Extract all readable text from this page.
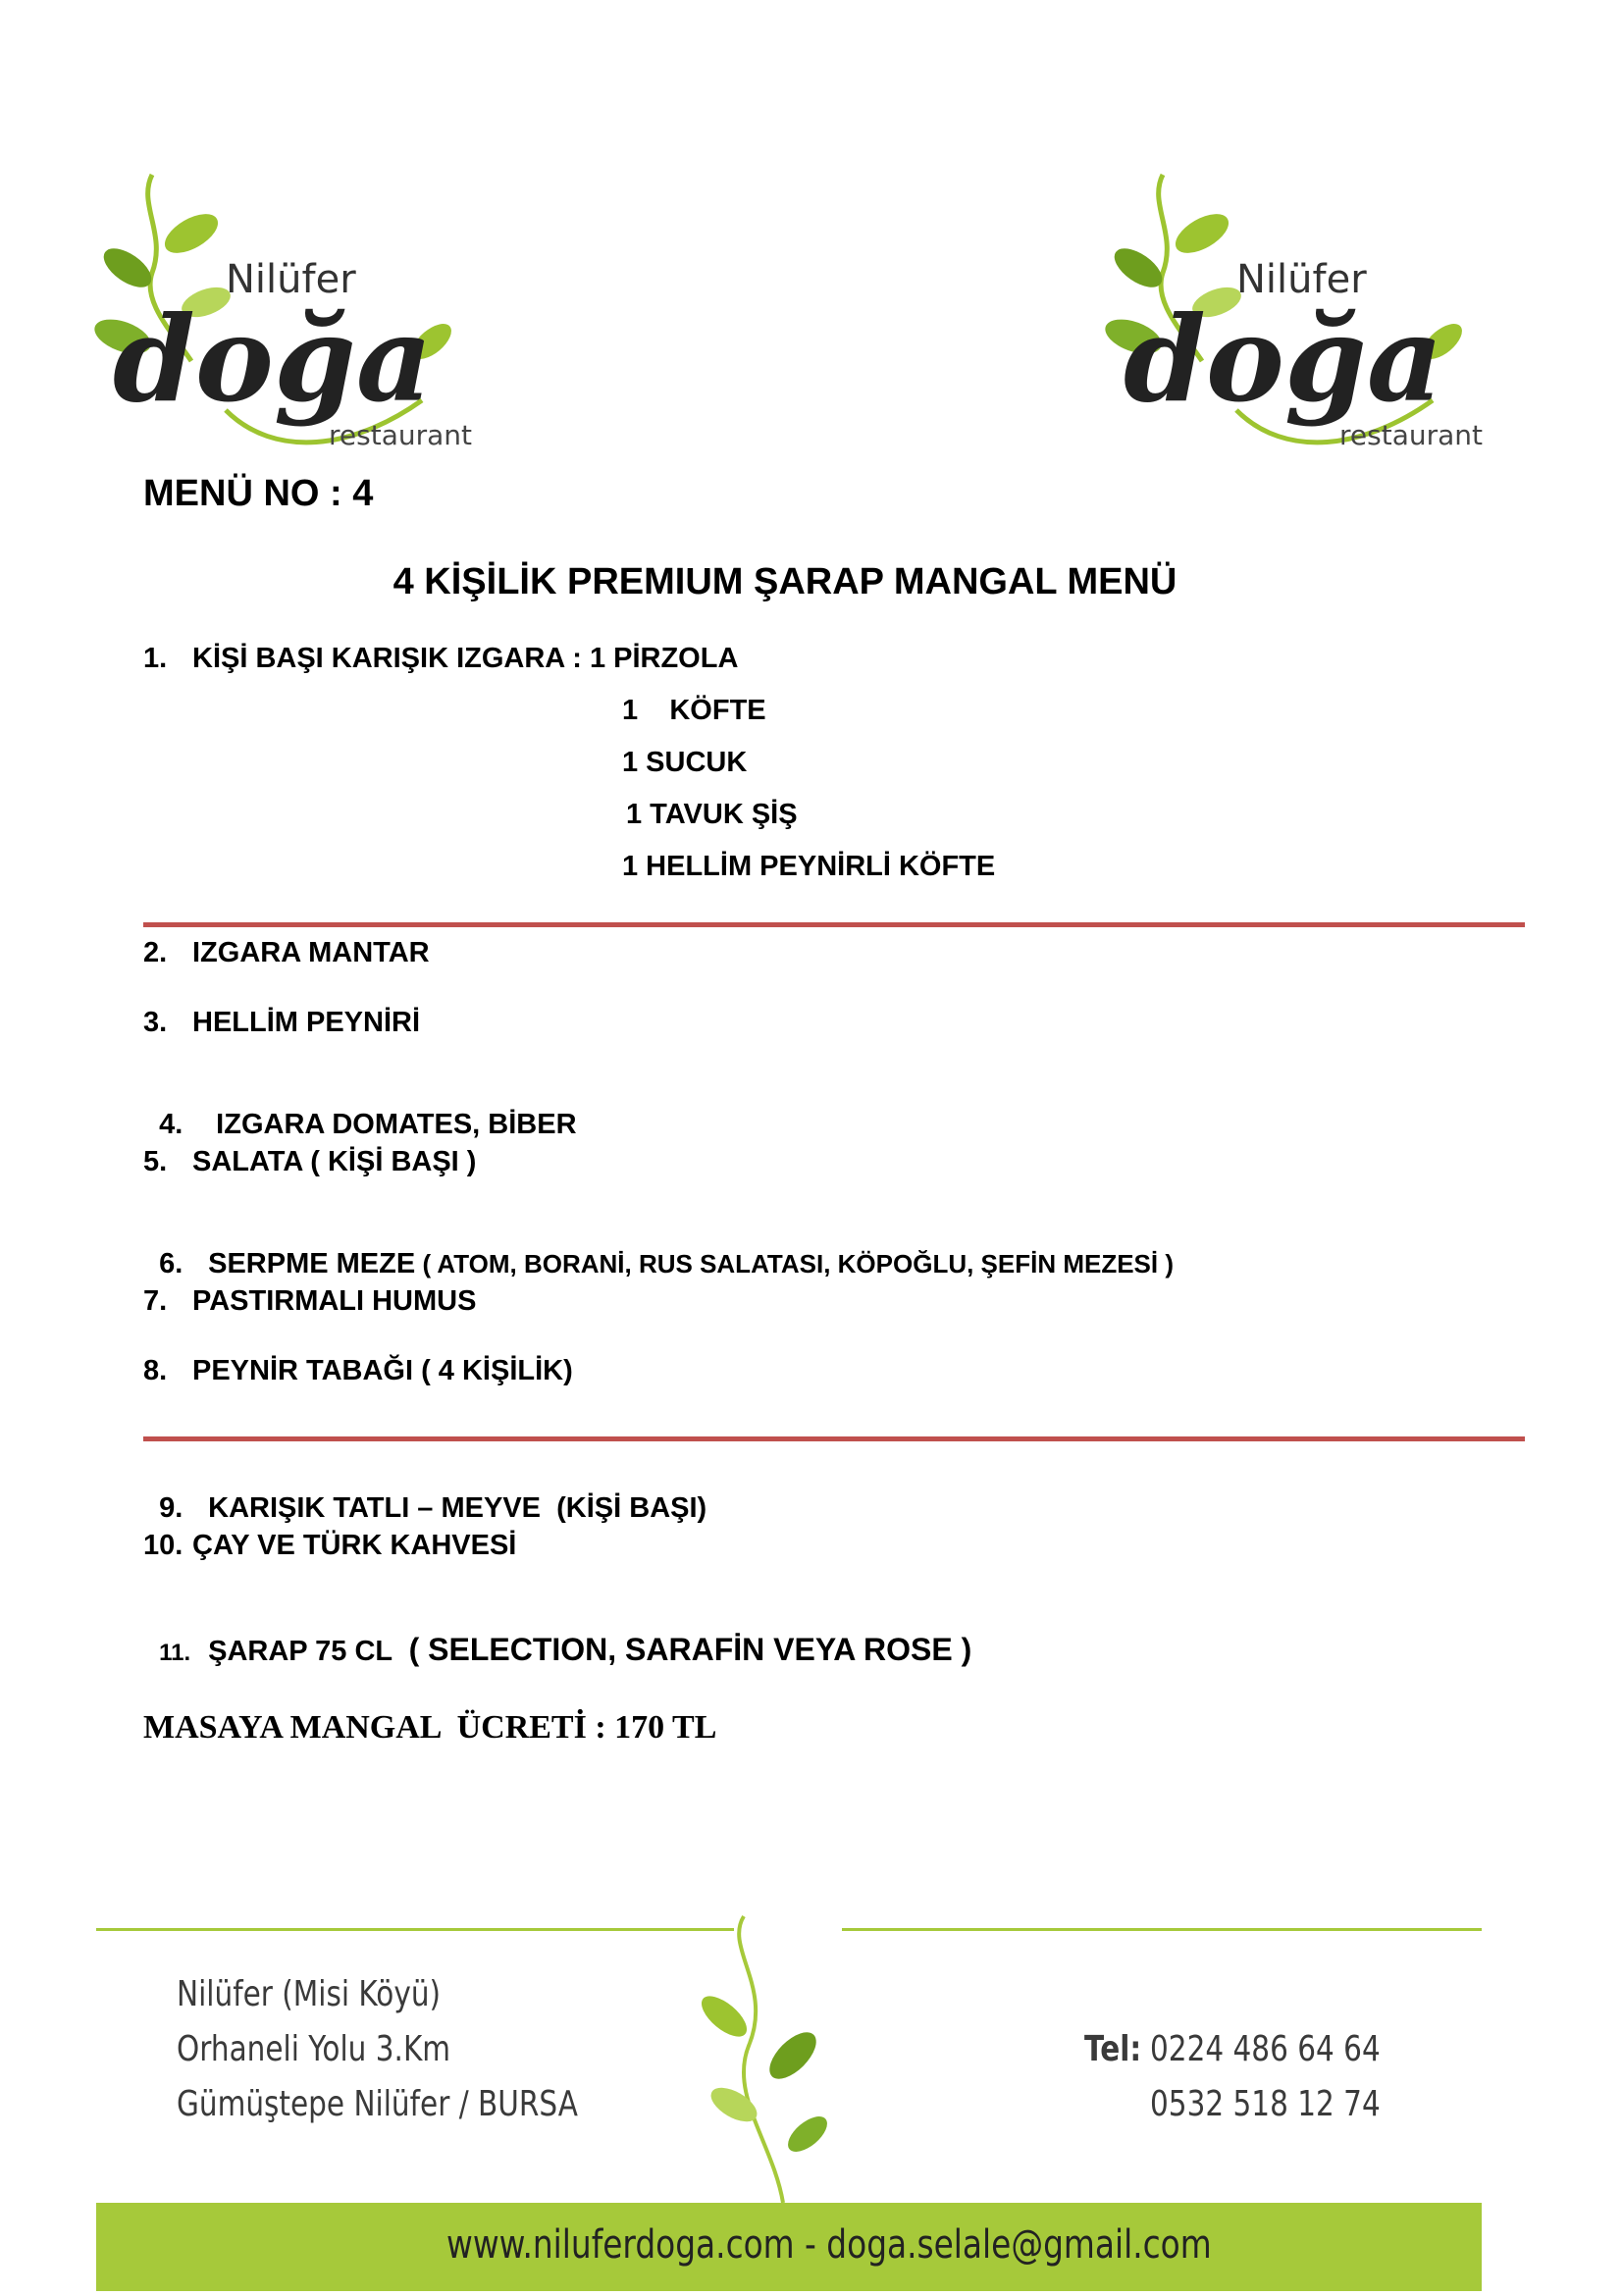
Nilüfer
doğa
restaurant
Nilüfer
doğa
restaurant
MENÜ NO : 4
4 KİŞİLİK PREMIUM ŞARAP MANGAL MENÜ
1. KİŞİ BAŞI KARIŞIK IZGARA : 1 PİRZOLA
1    KÖFTE
1 SUCUK
1 TAVUK ŞİŞ
1 HELLİM PEYNİRLİ KÖFTE
2. IZGARA MANTAR
3. HELLİM PEYNİRİ

4. IZGARA DOMATES, BİBER

5. SALATA ( KİŞİ BAŞI )

6. SERPME MEZE ( ATOM, BORANİ, RUS SALATASI, KÖPOĞLU, ŞEFİN MEZESİ )

7. PASTIRMALI HUMUS
8. PEYNİR TABAĞI ( 4 KİŞİLİK)

9. KARIŞIK TATLI – MEYVE  (KİŞİ BAŞI)

10. ÇAY VE TÜRK KAHVESİ

11. ŞARAP 75 CL  ( SELECTION, SARAFİN VEYA ROSE )

MASAYA MANGAL  ÜCRETİ : 170 TL
Nilüfer (Misi Köyü)
Orhaneli Yolu 3.Km
Gümüştepe Nilüfer / BURSA
Tel: 0224 486 64 64
0532 518 12 74
www.niluferdoga.com - doga.selale@gmail.com
